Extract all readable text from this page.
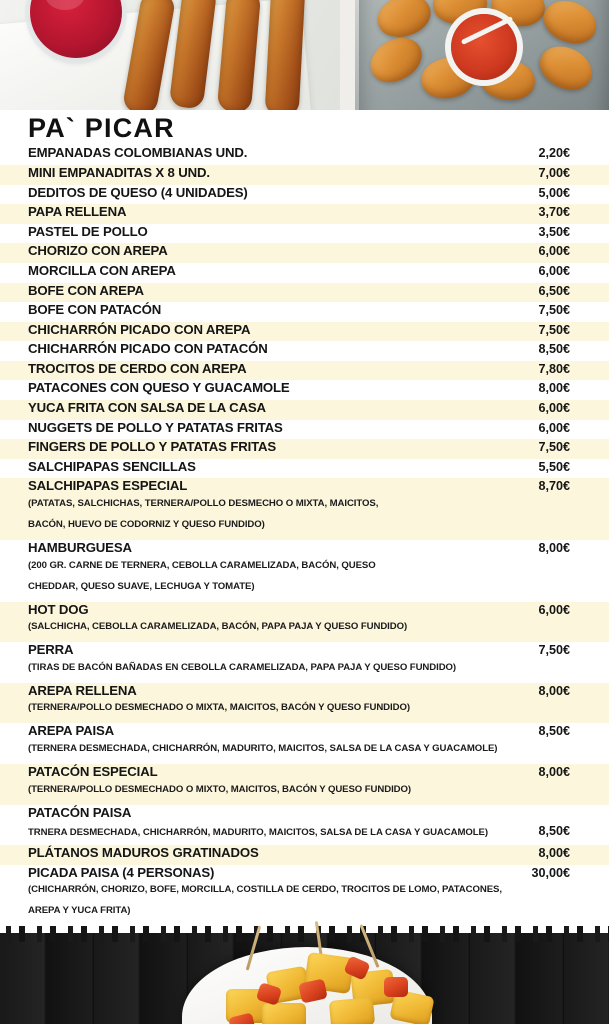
PA` PICAR
EMPANADAS COLOMBIANAS UND.	2,20€
MINI EMPANADITAS X 8 UND.	7,00€
DEDITOS DE QUESO (4 UNIDADES)	5,00€
PAPA RELLENA	3,70€
PASTEL DE POLLO	3,50€
CHORIZO CON AREPA	6,00€
MORCILLA CON AREPA	6,00€
BOFE CON AREPA	6,50€
BOFE CON PATACÓN	7,50€
CHICHARRÓN PICADO CON AREPA	7,50€
CHICHARRÓN PICADO CON PATACÓN	8,50€
TROCITOS DE CERDO CON AREPA	7,80€
PATACONES CON QUESO Y GUACAMOLE	8,00€
YUCA FRITA CON SALSA DE LA CASA	6,00€
NUGGETS DE POLLO Y PATATAS FRITAS	6,00€
FINGERS DE POLLO Y PATATAS FRITAS	7,50€
SALCHIPAPAS SENCILLAS	5,50€
SALCHIPAPAS ESPECIAL	8,70€
(PATATAS, SALCHICHAS, TERNERA/POLLO DESMECHO O MIXTA, MAICITOS,
BACÓN, HUEVO DE CODORNIZ Y QUESO FUNDIDO)
HAMBURGUESA	8,00€
(200 GR. CARNE DE TERNERA, CEBOLLA CARAMELIZADA, BACÓN, QUESO
CHEDDAR, QUESO SUAVE, LECHUGA Y TOMATE)
HOT DOG	6,00€
(SALCHICHA, CEBOLLA CARAMELIZADA, BACÓN, PAPA PAJA Y QUESO FUNDIDO)
PERRA	7,50€
(TIRAS DE BACÓN BAÑADAS EN CEBOLLA CARAMELIZADA, PAPA PAJA Y QUESO FUNDIDO)
AREPA RELLENA	8,00€
(TERNERA/POLLO DESMECHADO O MIXTA, MAICITOS, BACÓN Y QUESO FUNDIDO)
AREPA PAISA	8,50€
(TERNERA DESMECHADA, CHICHARRÓN, MADURITO, MAICITOS, SALSA DE LA CASA Y GUACAMOLE)
PATACÓN ESPECIAL	8,00€
(TERNERA/POLLO DESMECHADO O MIXTO, MAICITOS, BACÓN Y QUESO FUNDIDO)
PATACÓN PAISA
TRNERA DESMECHADA, CHICHARRÓN, MADURITO, MAICITOS, SALSA DE LA CASA Y GUACAMOLE)	8,50€
PLÁTANOS MADUROS GRATINADOS	8,00€
PICADA PAISA (4 PERSONAS)	30,00€
(CHICHARRÓN, CHORIZO, BOFE, MORCILLA, COSTILLA DE CERDO, TROCITOS DE LOMO, PATACONES,
AREPA Y YUCA FRITA)
